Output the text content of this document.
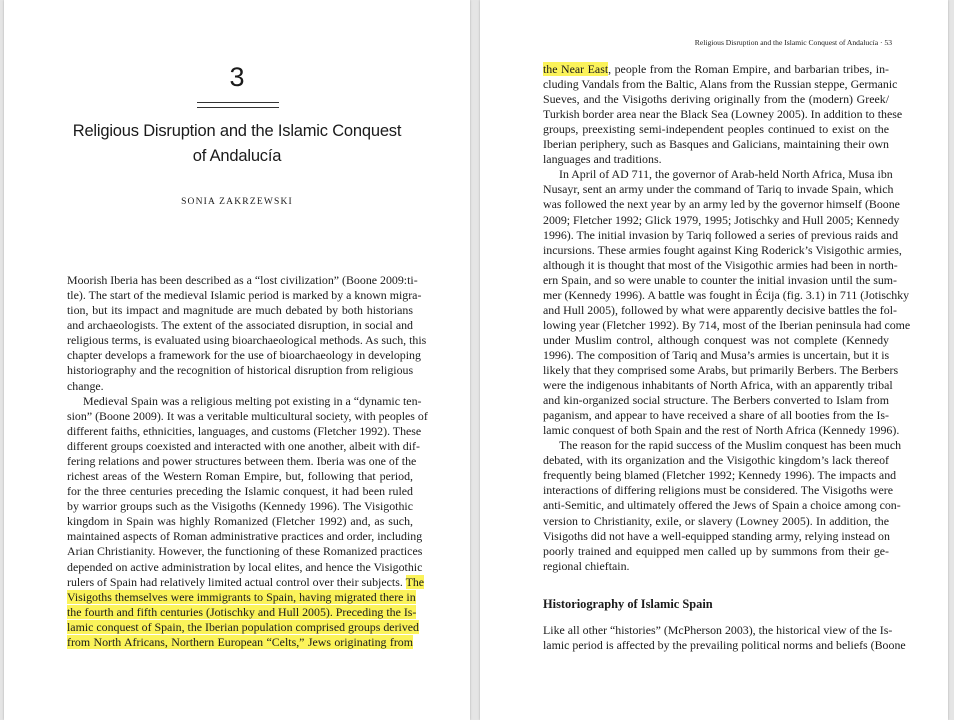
3
Religious Disruption and the Islamic Conquest
of Andalucía
SONIA ZAKRZEWSKI
Moorish Iberia has been described as a “lost civilization” (Boone 2009:ti-
tle). The start of the medieval Islamic period is marked by a known migra-
tion, but its impact and magnitude are much debated by both historians
and archaeologists. The extent of the associated disruption, in social and
religious terms, is evaluated using bioarchaeological methods. As such, this
chapter develops a framework for the use of bioarchaeology in developing
historiography and the recognition of historical disruption from religious
change.
Medieval Spain was a religious melting pot existing in a “dynamic ten-
sion” (Boone 2009). It was a veritable multicultural society, with peoples of
different faiths, ethnicities, languages, and customs (Fletcher 1992). These
different groups coexisted and interacted with one another, albeit with dif-
fering relations and power structures between them. Iberia was one of the
richest areas of the Western Roman Empire, but, following that period,
for the three centuries preceding the Islamic conquest, it had been ruled
by warrior groups such as the Visigoths (Kennedy 1996). The Visigothic
kingdom in Spain was highly Romanized (Fletcher 1992) and, as such,
maintained aspects of Roman administrative practices and order, including
Arian Christianity. However, the functioning of these Romanized practices
depended on active administration by local elites, and hence the Visigothic
rulers of Spain had relatively limited actual control over their subjects. The
Visigoths themselves were immigrants to Spain, having migrated there in
the fourth and fifth centuries (Jotischky and Hull 2005). Preceding the Is-
lamic conquest of Spain, the Iberian population comprised groups derived
from North Africans, Northern European “Celts,” Jews originating from
Religious Disruption and the Islamic Conquest of Andalucía · 53
the Near East, people from the Roman Empire, and barbarian tribes, in-
cluding Vandals from the Baltic, Alans from the Russian steppe, Germanic
Sueves, and the Visigoths deriving originally from the (modern) Greek/
Turkish border area near the Black Sea (Lowney 2005). In addition to these
groups, preexisting semi-independent peoples continued to exist on the
Iberian periphery, such as Basques and Galicians, maintaining their own
languages and traditions.
In April of AD 711, the governor of Arab-held North Africa, Musa ibn
Nusayr, sent an army under the command of Tariq to invade Spain, which
was followed the next year by an army led by the governor himself (Boone
2009; Fletcher 1992; Glick 1979, 1995; Jotischky and Hull 2005; Kennedy
1996). The initial invasion by Tariq followed a series of previous raids and
incursions. These armies fought against King Roderick’s Visigothic armies,
although it is thought that most of the Visigothic armies had been in north-
ern Spain, and so were unable to counter the initial invasion until the sum-
mer (Kennedy 1996). A battle was fought in Écija (fig. 3.1) in 711 (Jotischky
and Hull 2005), followed by what were apparently decisive battles the fol-
lowing year (Fletcher 1992). By 714, most of the Iberian peninsula had come
under Muslim control, although conquest was not complete (Kennedy
1996). The composition of Tariq and Musa’s armies is uncertain, but it is
likely that they comprised some Arabs, but primarily Berbers. The Berbers
were the indigenous inhabitants of North Africa, with an apparently tribal
and kin-organized social structure. The Berbers converted to Islam from
paganism, and appear to have received a share of all booties from the Is-
lamic conquest of both Spain and the rest of North Africa (Kennedy 1996).
The reason for the rapid success of the Muslim conquest has been much
debated, with its organization and the Visigothic kingdom’s lack thereof
frequently being blamed (Fletcher 1992; Kennedy 1996). The impacts and
interactions of differing religions must be considered. The Visigoths were
anti-Semitic, and ultimately offered the Jews of Spain a choice among con-
version to Christianity, exile, or slavery (Lowney 2005). In addition, the
Visigoths did not have a well-equipped standing army, relying instead on
poorly trained and equipped men called up by summons from their ge-
regional chieftain.
Like all other “histories” (McPherson 2003), the historical view of the Is-
lamic period is affected by the prevailing political norms and beliefs (Boone
Historiography of Islamic Spain
